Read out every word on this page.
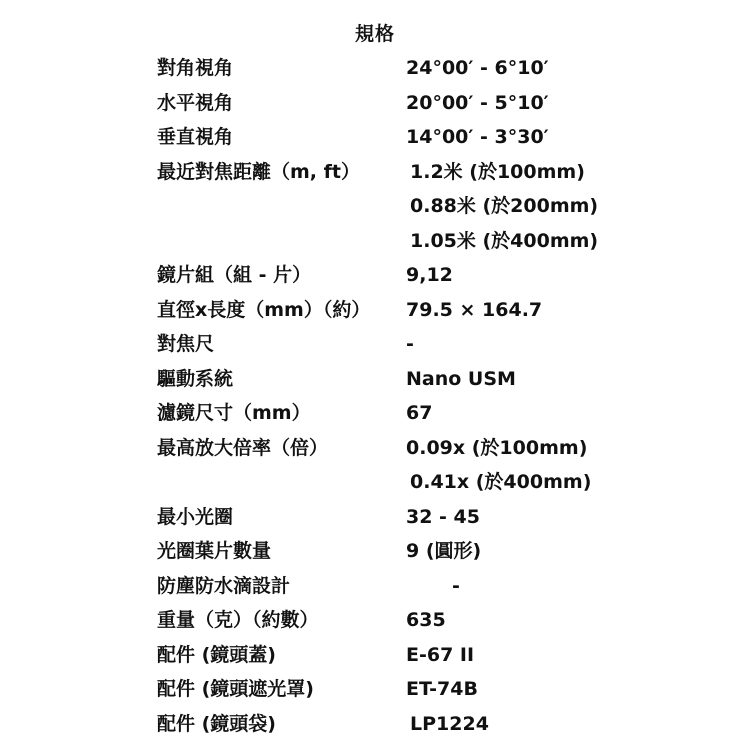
規格
對角視角	24°00′ - 6°10′
水平視角	20°00′ - 5°10′
垂直視角	14°00′ - 3°30′
最近對焦距離（m, ft）	1.2米 (於100mm)
0.88米 (於200mm)
1.05米 (於400mm)
鏡片組（組 - 片）	9,12
直徑x長度（mm）（約） 79.5 × 164.7
對焦尺	-
驅動系統	Nano USM
濾鏡尺寸（mm）	67
最高放大倍率（倍）	0.09x (於100mm)
0.41x (於400mm)
最小光圈	32 - 45
光圈葉片數量	9 (圓形)
防塵防水滴設計	-
重量（克）（約數）	635
配件 (鏡頭蓋)	E-67 II
配件 (鏡頭遮光罩)	ET-74B
配件 (鏡頭袋)	LP1224
